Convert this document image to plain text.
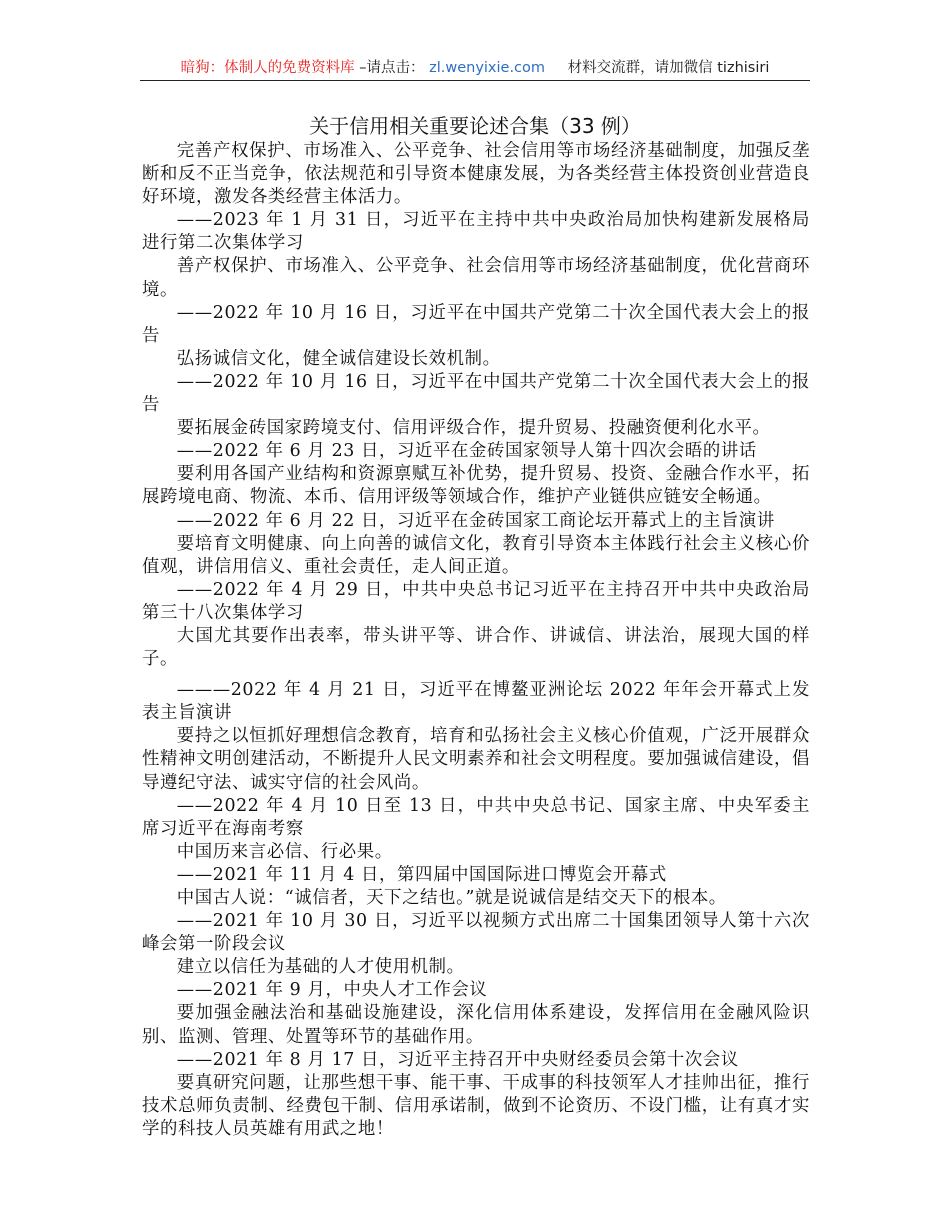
暗狗：体制人的免费资料库 –请点击： zl.wenyixie.com 材料交流群，请加微信 tizhisiri
关于信用相关重要论述合集（33 例）

完善产权保护、市场准入、公平竞争、社会信用等市场经济基础制度，加强反垄断和反不正当竞争，依法规范和引导资本健康发展，为各类经营主体投资创业营造良好环境，激发各类经营主体活力。

——2023 年 1 月 31 日，习近平在主持中共中央政治局加快构建新发展格局进行第二次集体学习

善产权保护、市场准入、公平竞争、社会信用等市场经济基础制度，优化营商环境。

——2022 年 10 月 16 日，习近平在中国共产党第二十次全国代表大会上的报告

弘扬诚信文化，健全诚信建设长效机制。

——2022 年 10 月 16 日，习近平在中国共产党第二十次全国代表大会上的报告

要拓展金砖国家跨境支付、信用评级合作，提升贸易、投融资便利化水平。

——2022 年 6 月 23 日，习近平在金砖国家领导人第十四次会晤的讲话

要利用各国产业结构和资源禀赋互补优势，提升贸易、投资、金融合作水平，拓展跨境电商、物流、本币、信用评级等领域合作，维护产业链供应链安全畅通。

——2022 年 6 月 22 日，习近平在金砖国家工商论坛开幕式上的主旨演讲

要培育文明健康、向上向善的诚信文化，教育引导资本主体践行社会主义核心价值观，讲信用信义、重社会责任，走人间正道。

——2022 年 4 月 29 日，中共中央总书记习近平在主持召开中共中央政治局第三十八次集体学习

大国尤其要作出表率，带头讲平等、讲合作、讲诚信、讲法治，展现大国的样子。

———2022 年 4 月 21 日，习近平在博鳌亚洲论坛 2022 年年会开幕式上发表主旨演讲

要持之以恒抓好理想信念教育，培育和弘扬社会主义核心价值观，广泛开展群众性精神文明创建活动，不断提升人民文明素养和社会文明程度。要加强诚信建设，倡导遵纪守法、诚实守信的社会风尚。

——2022 年 4 月 10 日至 13 日，中共中央总书记、国家主席、中央军委主席习近平在海南考察

中国历来言必信、行必果。

——2021 年 11 月 4 日，第四届中国国际进口博览会开幕式

中国古人说：“诚信者，天下之结也。”就是说诚信是结交天下的根本。

——2021 年 10 月 30 日，习近平以视频方式出席二十国集团领导人第十六次峰会第一阶段会议

建立以信任为基础的人才使用机制。

——2021 年 9 月，中央人才工作会议

要加强金融法治和基础设施建设，深化信用体系建设，发挥信用在金融风险识别、监测、管理、处置等环节的基础作用。

——2021 年 8 月 17 日，习近平主持召开中央财经委员会第十次会议

要真研究问题，让那些想干事、能干事、干成事的科技领军人才挂帅出征，推行技术总师负责制、经费包干制、信用承诺制，做到不论资历、不设门槛，让有真才实学的科技人员英雄有用武之地！
